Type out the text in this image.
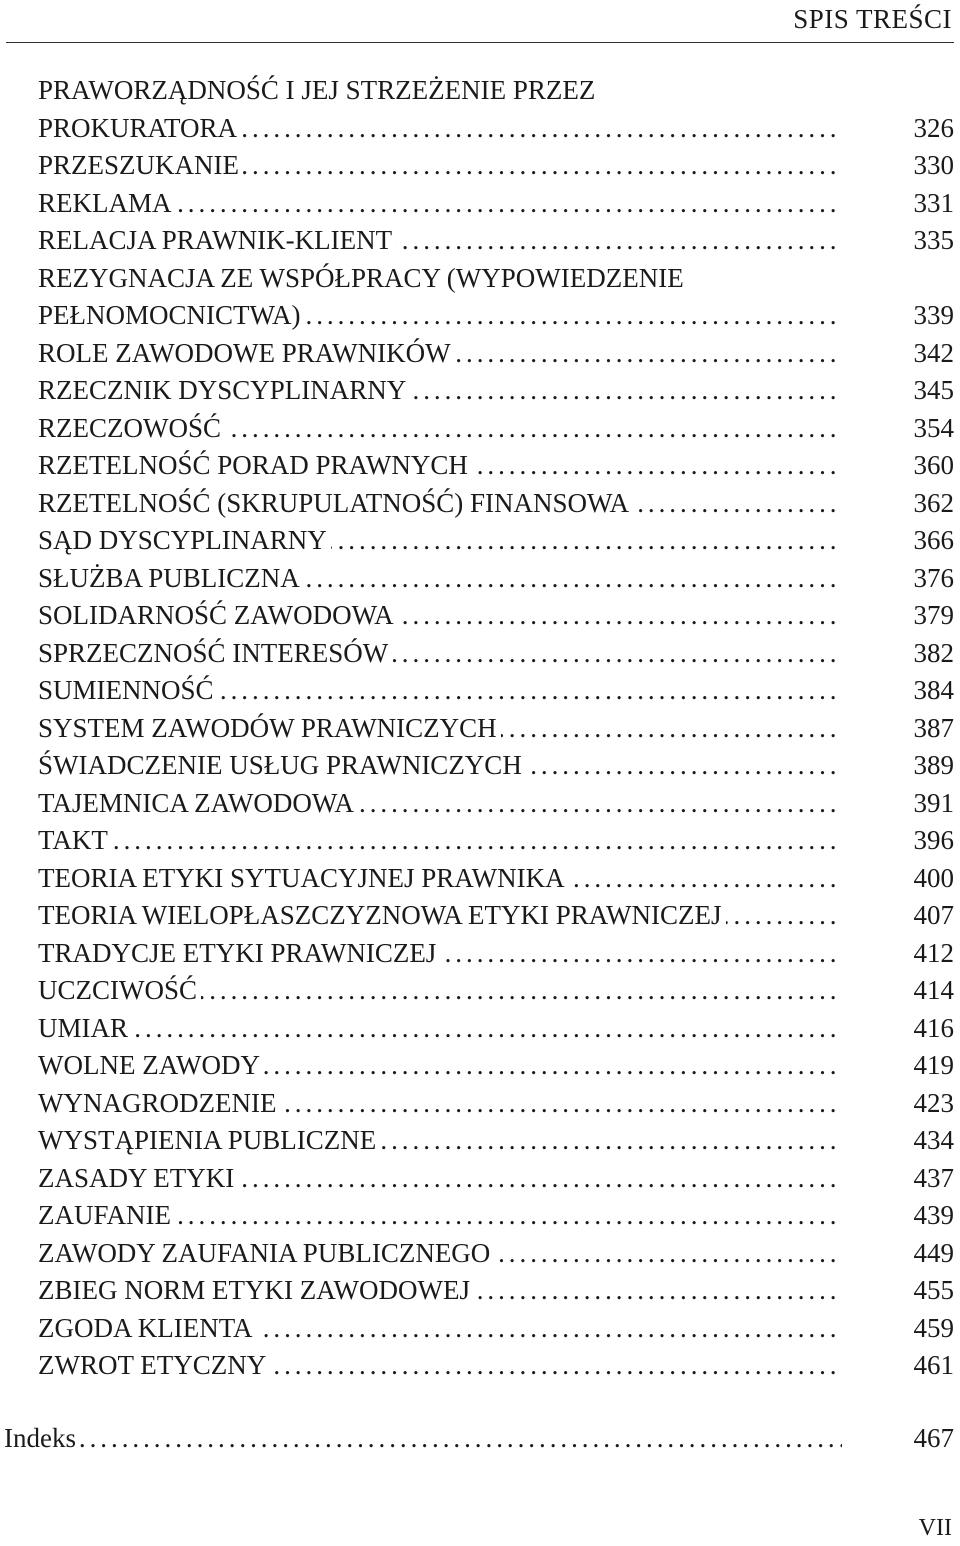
SPIS TREŚCI
PRAWORZĄDNOŚĆ I JEJ STRZEŻENIE PRZEZ
PROKURATORA . . .	326
PRZESZUKANIE . . .	330
REKLAMA . . .	331
RELACJA PRAWNIK-KLIENT . . .	335
REZYGNACJA ZE WSPÓŁPRACY (WYPOWIEDZENIE
PEŁNOMOCNICTWA) . . .	339
ROLE ZAWODOWE PRAWNIKÓW . . .	342
RZECZNIK DYSCYPLINARNY . . .	345
RZECZOWOŚĆ . . .	354
RZETELNOŚĆ PORAD PRAWNYCH . . .	360
RZETELNOŚĆ (SKRUPULATNOŚĆ) FINANSOWA . . .	362
SĄD DYSCYPLINARNY . . .	366
SŁUŻBA PUBLICZNA . . .	376
SOLIDARNOŚĆ ZAWODOWA . . .	379
SPRZECZNOŚĆ INTERESÓW . . .	382
SUMIENNOŚĆ . . .	384
SYSTEM ZAWODÓW PRAWNICZYCH . . .	387
ŚWIADCZENIE USŁUG PRAWNICZYCH . . .	389
TAJEMNICA ZAWODOWA . . .	391
TAKT . . .	396
TEORIA ETYKI SYTUACYJNEJ PRAWNIKA . . .	400
TEORIA WIELOPŁASZCZYZNOWA ETYKI PRAWNICZEJ . . .	407
TRADYCJE ETYKI PRAWNICZEJ . . .	412
UCZCIWOŚĆ . . .	414
UMIAR . . .	416
WOLNE ZAWODY . . .	419
WYNAGRODZENIE . . .	423
WYSTĄPIENIA PUBLICZNE . . .	434
ZASADY ETYKI . . .	437
ZAUFANIE . . .	439
ZAWODY ZAUFANIA PUBLICZNEGO . . .	449
ZBIEG NORM ETYKI ZAWODOWEJ . . .	455
ZGODA KLIENTA . . .	459
ZWROT ETYCZNY . . .	461
Indeks . . .	467
VII
